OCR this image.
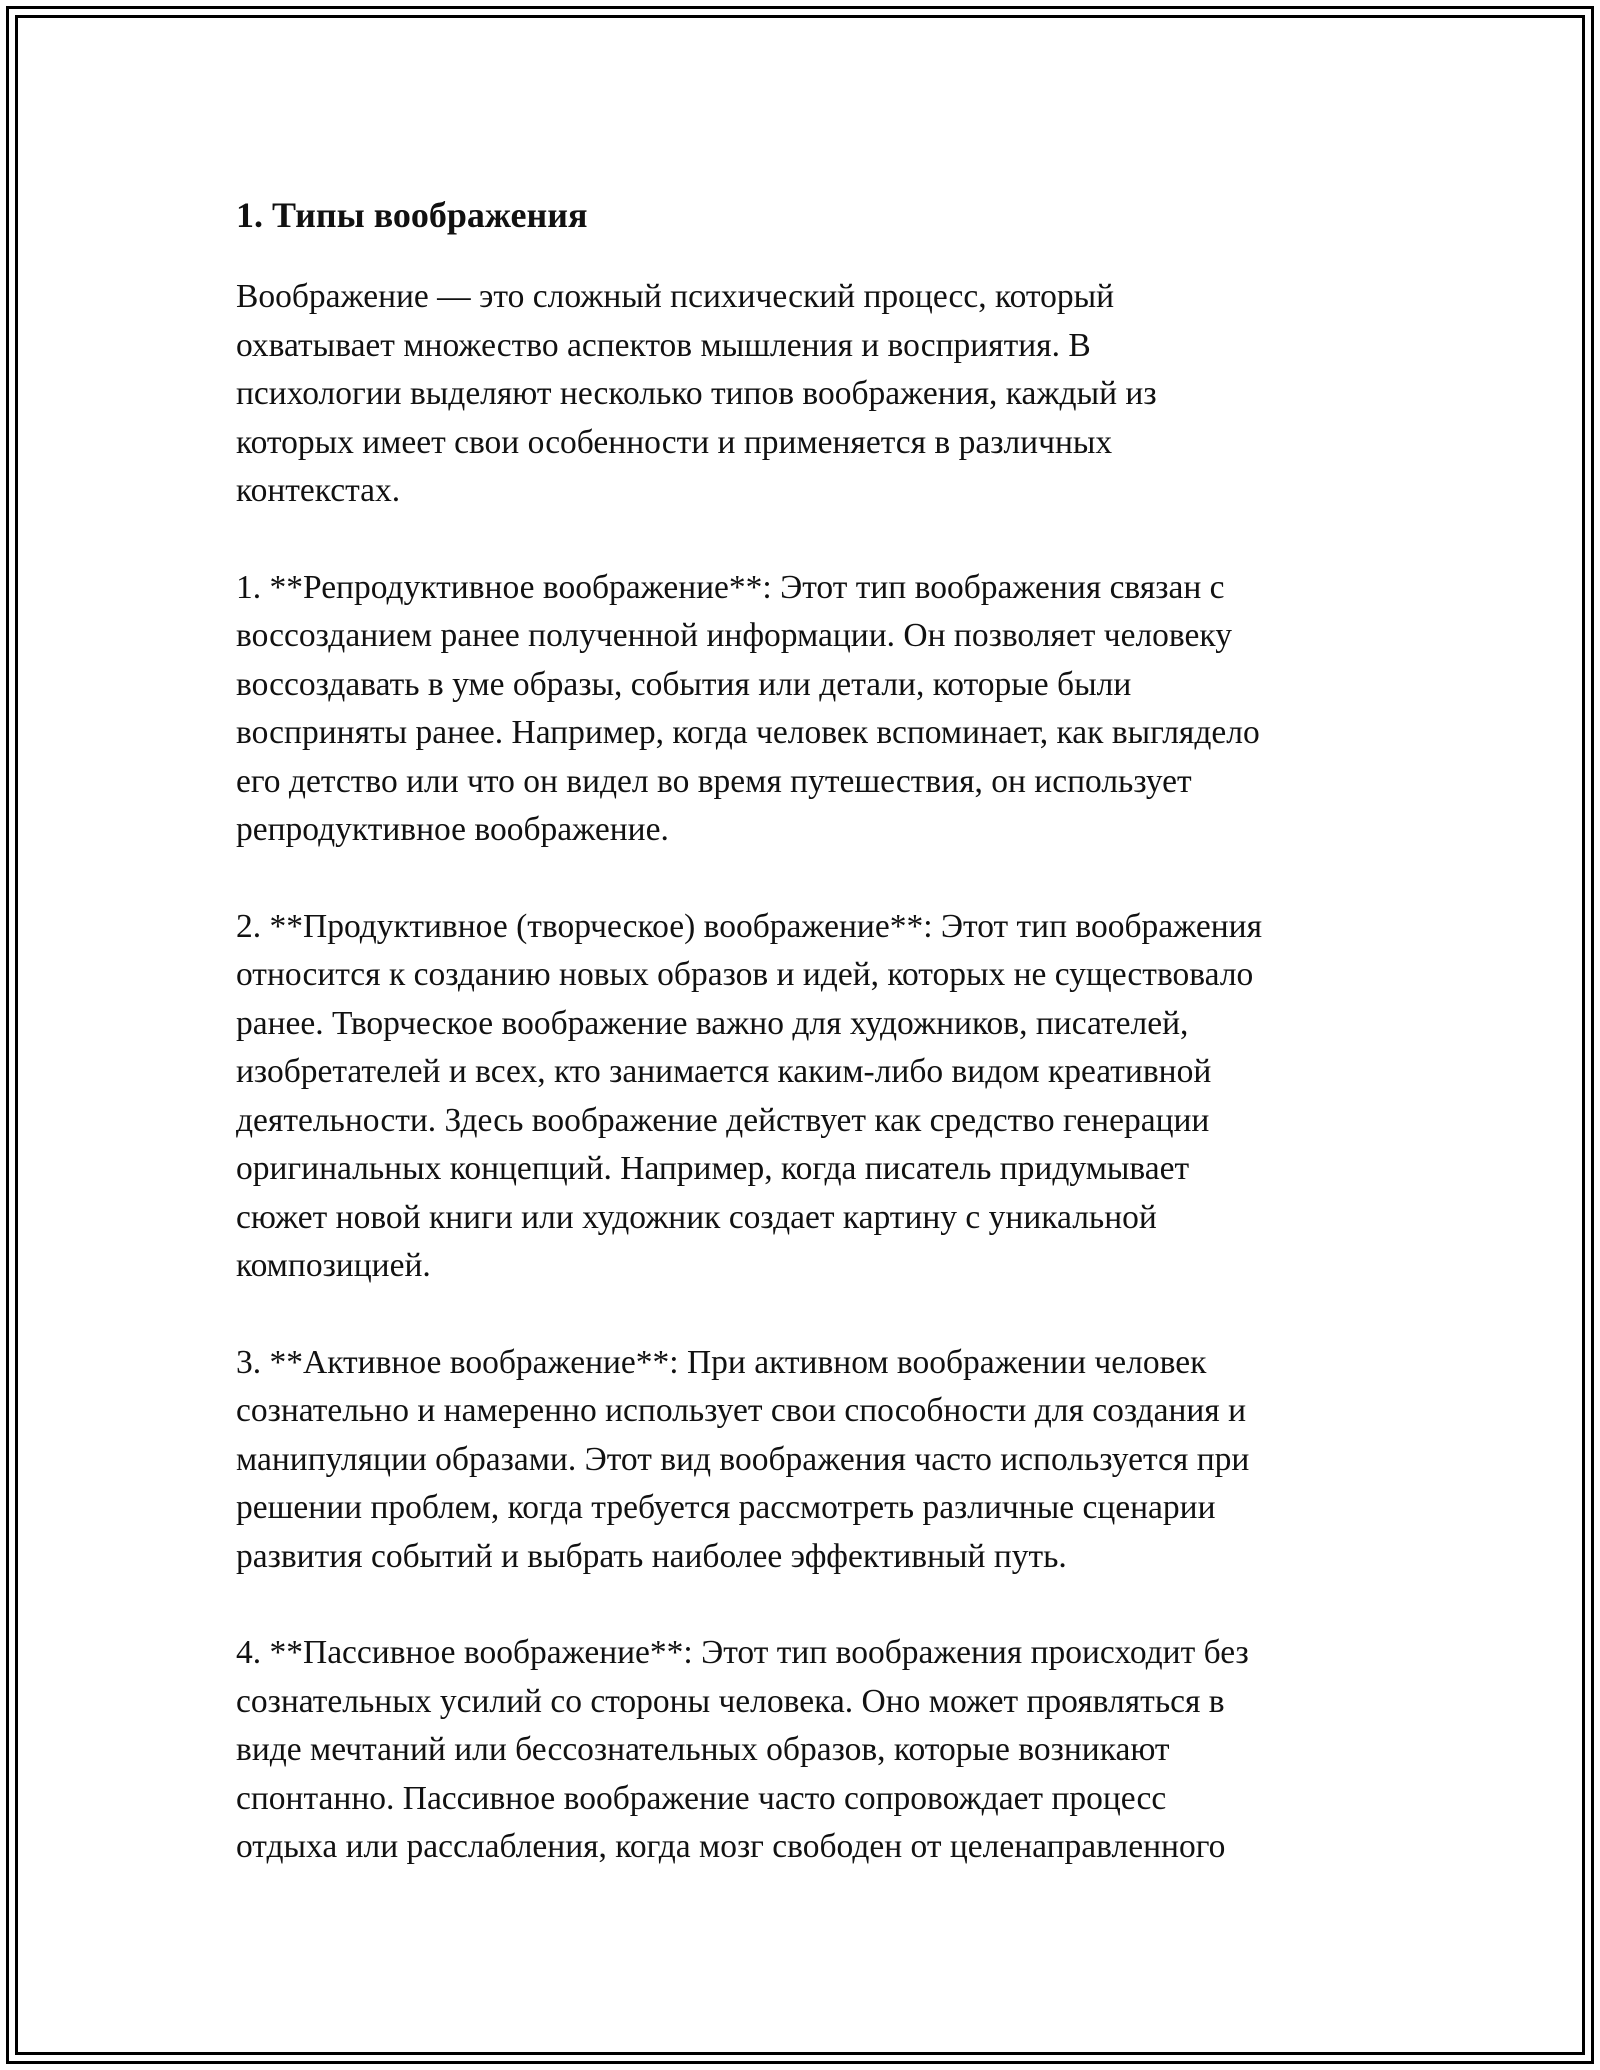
1. Типы воображения

Воображение — это сложный психический процесс, который
охватывает множество аспектов мышления и восприятия. В
психологии выделяют несколько типов воображения, каждый из
которых имеет свои особенности и применяется в различных
контекстах.

1. **Репродуктивное воображение**: Этот тип воображения связан с
воссозданием ранее полученной информации. Он позволяет человеку
воссоздавать в уме образы, события или детали, которые были
восприняты ранее. Например, когда человек вспоминает, как выглядело
его детство или что он видел во время путешествия, он использует
репродуктивное воображение.

2. **Продуктивное (творческое) воображение**: Этот тип воображения
относится к созданию новых образов и идей, которых не существовало
ранее. Творческое воображение важно для художников, писателей,
изобретателей и всех, кто занимается каким-либо видом креативной
деятельности. Здесь воображение действует как средство генерации
оригинальных концепций. Например, когда писатель придумывает
сюжет новой книги или художник создает картину с уникальной
композицией.

3. **Активное воображение**: При активном воображении человек
сознательно и намеренно использует свои способности для создания и
манипуляции образами. Этот вид воображения часто используется при
решении проблем, когда требуется рассмотреть различные сценарии
развития событий и выбрать наиболее эффективный путь.

4. **Пассивное воображение**: Этот тип воображения происходит без
сознательных усилий со стороны человека. Оно может проявляться в
виде мечтаний или бессознательных образов, которые возникают
спонтанно. Пассивное воображение часто сопровождает процесс
отдыха или расслабления, когда мозг свободен от целенаправленного
